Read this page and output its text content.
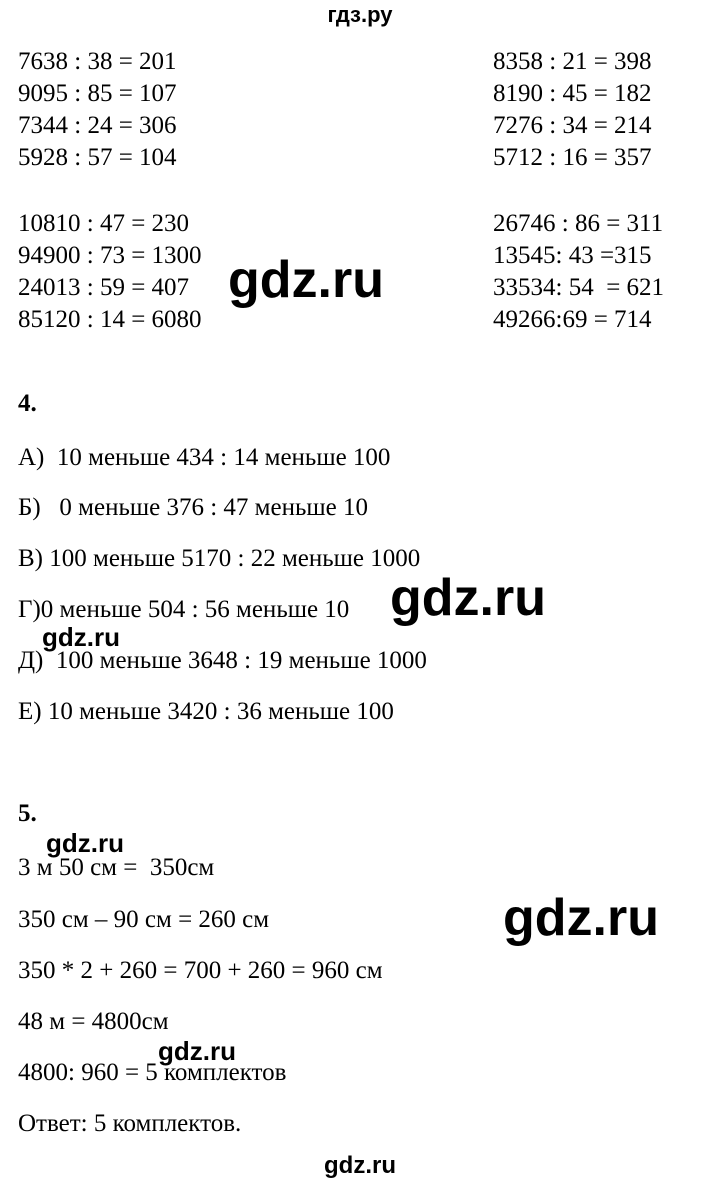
гдз.ру
7638 : 38 = 201
9095 : 85 = 107
7344 : 24 = 306
5928 : 57 = 104
8358 : 21 = 398
8190 : 45 = 182
7276 : 34 = 214
5712 : 16 = 357
10810 : 47 = 230
94900 : 73 = 1300
24013 : 59 = 407
85120 : 14 = 6080
26746 : 86 = 311
13545: 43 =315
33534: 54  = 621
49266:69 = 714
4.
А)  10 меньше 434 : 14 меньше 100
Б)   0 меньше 376 : 47 меньше 10
В) 100 меньше 5170 : 22 меньше 1000
Г)0 меньше 504 : 56 меньше 10
Д)  100 меньше 3648 : 19 меньше 1000
Е) 10 меньше 3420 : 36 меньше 100
5.
3 м 50 см =  350см
350 см – 90 см = 260 см
350 * 2 + 260 = 700 + 260 = 960 см
48 м = 4800см
4800: 960 = 5 комплектов
Ответ: 5 комплектов.
gdz.ru
gdz.ru
gdz.ru
gdz.ru
gdz.ru
gdz.ru
gdz.ru
